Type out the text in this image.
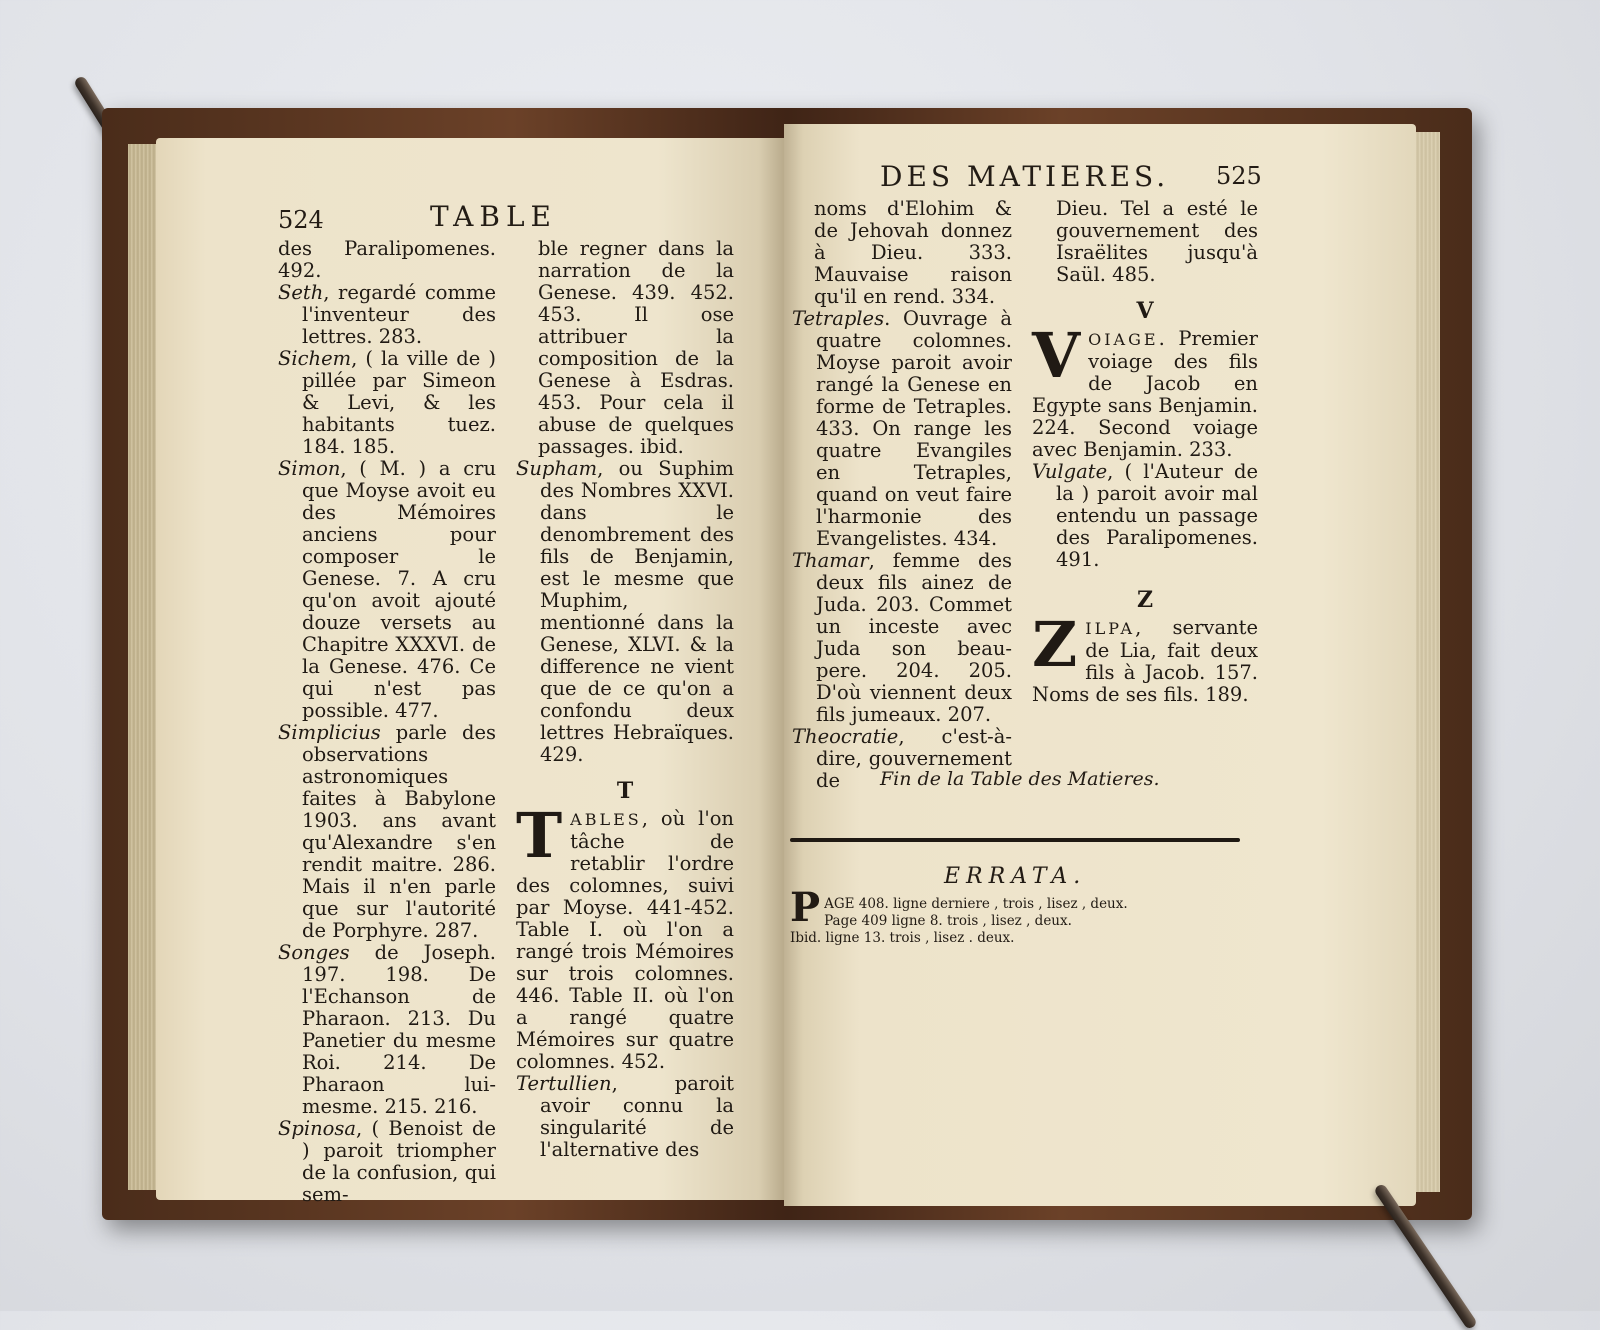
524	TABLE

des Paralipomenes. 492.

Seth, regardé comme l'inventeur des lettres. 283.

Sichem, ( la ville de ) pillée par Simeon & Levi, & les habitants tuez. 184. 185.

Simon, ( M. ) a cru que Moyse avoit eu des Mémoires anciens pour composer le Genese. 7. A cru qu'on avoit ajouté douze versets au Chapitre XXXVI. de la Genese. 476. Ce qui n'est pas possible. 477.

Simplicius parle des observations astronomiques faites à Babylone 1903. ans avant qu'Alexandre s'en rendit maitre. 286. Mais il n'en parle que sur l'autorité de Porphyre. 287.

Songes de Joseph. 197. 198. De l'Echanson de Pharaon. 213. Du Panetier du mesme Roi. 214. De Pharaon lui-mesme. 215. 216.

Spinosa, ( Benoist de ) paroit triompher de la confusion, qui sem-

ble regner dans la narration de la Genese. 439. 452. 453. Il ose attribuer la composition de la Genese à Esdras. 453. Pour cela il abuse de quelques passages. ibid.

Supham, ou Suphim des Nombres XXVI. dans le denombrement des fils de Benjamin, est le mesme que Muphim, mentionné dans la Genese, XLVI. & la difference ne vient que de ce qu'on a confondu deux lettres Hebraïques. 429.

T

TABLES, où l'on tâche de retablir l'ordre des colomnes, suivi par Moyse. 441-452. Table I. où l'on a rangé trois Mémoires sur trois colomnes. 446. Table II. où l'on a rangé quatre Mémoires sur quatre colomnes. 452.

Tertullien, paroit avoir connu la singularité de l'alternative des

DES MATIERES. 525

noms d'Elohim & de Jehovah donnez à Dieu. 333. Mauvaise raison qu'il en rend. 334.

Tetraples. Ouvrage à quatre colomnes. Moyse paroit avoir rangé la Genese en forme de Tetraples. 433. On range les quatre Evangiles en Tetraples, quand on veut faire l'harmonie des Evangelistes. 434.

Thamar, femme des deux fils ainez de Juda. 203. Commet un inceste avec Juda son beau-pere. 204. 205. D'où viennent deux fils jumeaux. 207.

Theocratie, c'est-à-dire, gouvernement de

Dieu. Tel a esté le gouvernement des Israëlites jusqu'à Saül. 485.

V

VOIAGE. Premier voiage des fils de Jacob en Egypte sans Benjamin. 224. Second voiage avec Benjamin. 233.

Vulgate, ( l'Auteur de la ) paroit avoir mal entendu un passage des Paralipomenes. 491.

Z

ZILPA, servante de Lia, fait deux fils à Jacob. 157. Noms de ses fils. 189.

Fin de la Table des Matieres.
ERRATA.
P AGE 408. ligne derniere , trois , lisez , deux.
Page 409 ligne 8. trois , lisez , deux.
Ibid. ligne 13. trois , lisez . deux.
